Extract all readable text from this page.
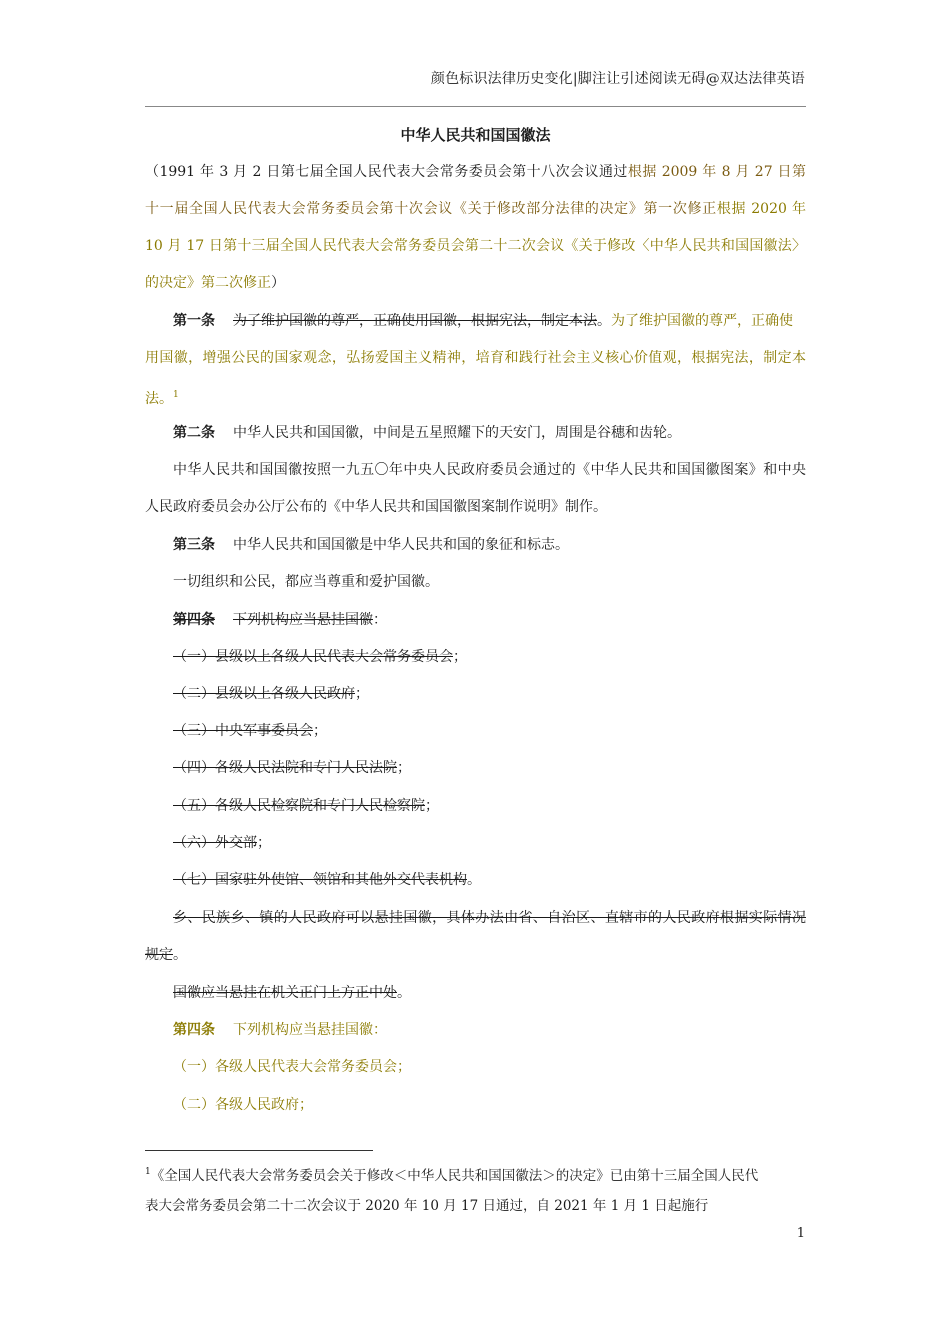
颜色标识法律历史变化|脚注让引述阅读无碍@双达法律英语
中华人民共和国国徽法
（1991 年 3 月 2 日第七届全国人民代表大会常务委员会第十八次会议通过根据 2009 年 8 月 27 日第
十一届全国人民代表大会常务委员会第十次会议《关于修改部分法律的决定》第一次修正根据 2020 年
10 月 17 日第十三届全国人民代表大会常务委员会第二十二次会议《关于修改〈中华人民共和国国徽法〉
的决定》第二次修正）
第一条 为了维护国徽的尊严，正确使用国徽，根据宪法，制定本法。为了维护国徽的尊严，正确使
用国徽，增强公民的国家观念，弘扬爱国主义精神，培育和践行社会主义核心价值观，根据宪法，制定本
法。$^1$
第二条 中华人民共和国国徽，中间是五星照耀下的天安门，周围是谷穗和齿轮。
中华人民共和国国徽按照一九五〇年中央人民政府委员会通过的《中华人民共和国国徽图案》和中央
人民政府委员会办公厅公布的《中华人民共和国国徽图案制作说明》制作。
第三条 中华人民共和国国徽是中华人民共和国的象征和标志。
一切组织和公民，都应当尊重和爱护国徽。
第四条 下列机构应当悬挂国徽：
（一）县级以上各级人民代表大会常务委员会；
（二）县级以上各级人民政府；
（三）中央军事委员会；
（四）各级人民法院和专门人民法院；
（五）各级人民检察院和专门人民检察院；
（六）外交部；
（七）国家驻外使馆、领馆和其他外交代表机构。
乡、民族乡、镇的人民政府可以悬挂国徽，具体办法由省、自治区、直辖市的人民政府根据实际情况
规定。
国徽应当悬挂在机关正门上方正中处。
第四条 下列机构应当悬挂国徽：
（一）各级人民代表大会常务委员会；
（二）各级人民政府；
$^1$《全国人民代表大会常务委员会关于修改＜中华人民共和国国徽法＞的决定》已由第十三届全国人民代
表大会常务委员会第二十二次会议于 2020 年 10 月 17 日通过，自 2021 年 1 月 1 日起施行
1
